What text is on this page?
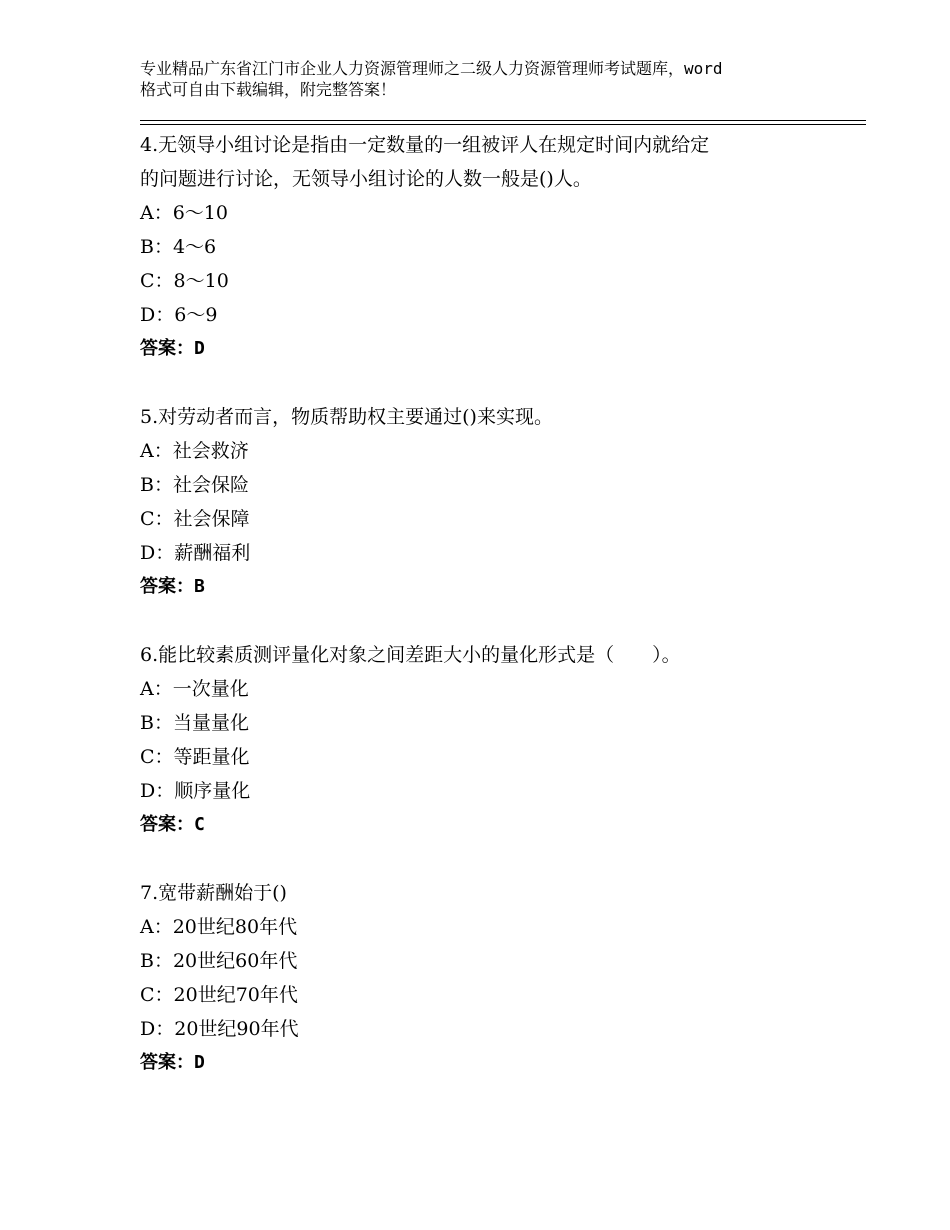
专业精品广东省江门市企业人力资源管理师之二级人力资源管理师考试题库，word
格式可自由下载编辑，附完整答案！
4.无领导小组讨论是指由一定数量的一组被评人在规定时间内就给定
的问题进行讨论，无领导小组讨论的人数一般是()人。
A：6～10
B：4～6
C：8～10
D：6～9
答案：D
5.对劳动者而言，物质帮助权主要通过()来实现。
A：社会救济
B：社会保险
C：社会保障
D：薪酬福利
答案：B
6.能比较素质测评量化对象之间差距大小的量化形式是（　　）。
A：一次量化
B：当量量化
C：等距量化
D：顺序量化
答案：C
7.宽带薪酬始于()
A：20世纪80年代
B：20世纪60年代
C：20世纪70年代
D：20世纪90年代
答案：D
